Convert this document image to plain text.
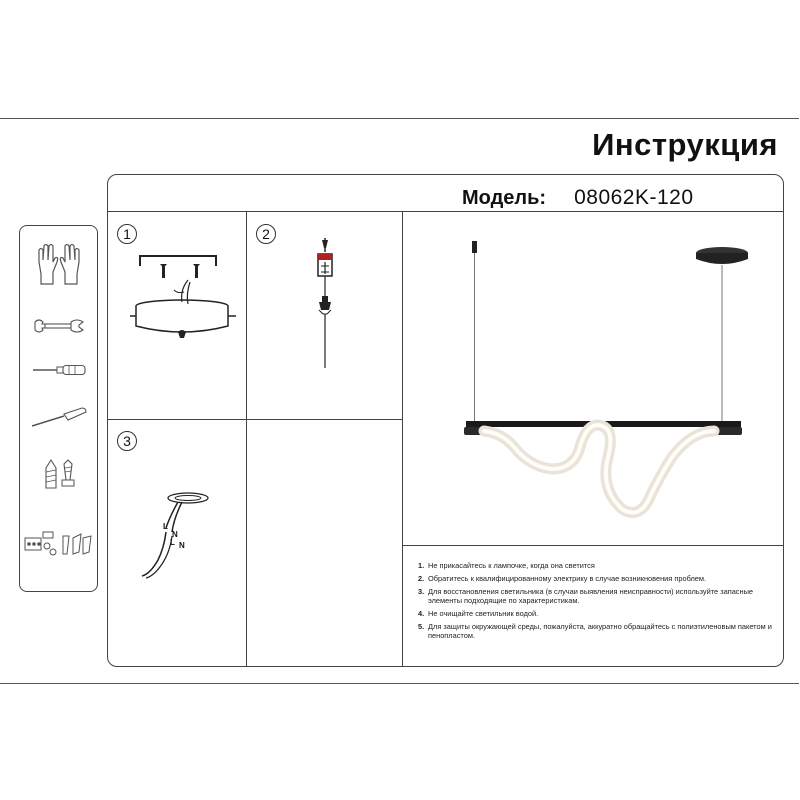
Инструкция
Модель: 08062K-120
1	2
3
L
N
L N
1. Не прикасайтесь к лампочке, когда она светится
2. Обратитесь к квалифицированному электрику в случае возникновения проблем.
3. Для восстановления светильника (в случаи выявления неисправности) используйте запасные элементы подходящие по характеристикам.
4. Не очищайте светильник водой.
5. Для защиты окружающей среды, пожалуйста, аккуратно обращайтесь с полиэтиленовым пакетом и пенопластом.
